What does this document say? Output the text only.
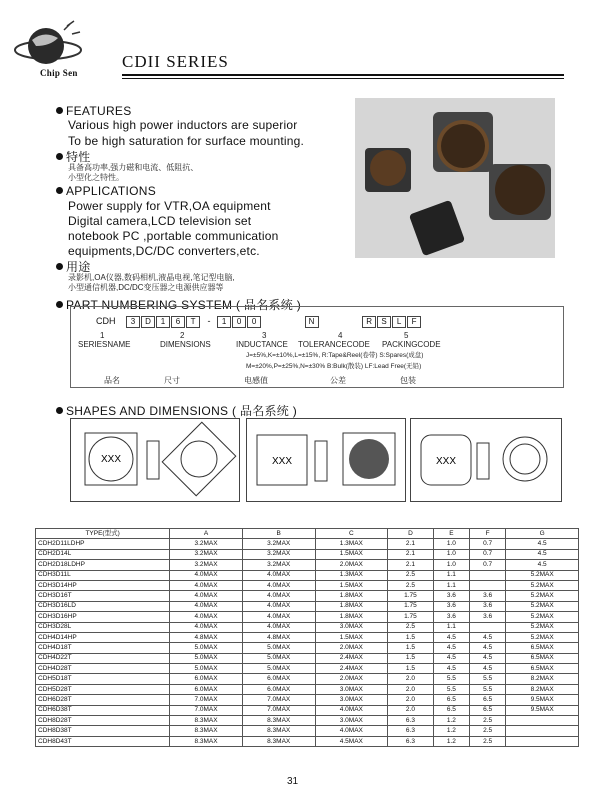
Chip Sen
CDII SERIES
FEATURES
Various high power inductors are superior
To be high saturation for surface mounting.
特性
具备高功率,强力磁和电流、低阻抗、
小型化之特性。
APPLICATIONS
Power supply for VTR,OA equipment
Digital camera,LCD television set
notebook PC ,portable communication
equipments,DC/DC converters,etc.
用途
录影机,OA仪器,数码相机,液晶电视,笔记型电脑,
小型通信机器,DC/DC变压器之电源供应器等
PART NUMBERING SYSTEM ( 品名系统 )
CDH 3 D 1 6 T - 1 0 0	N	R S L F
1	2	3	4	5
SERIESNAME	DIMENSIONS	INDUCTANCE TOLERANCECODE PACKINGCODE
J=±5%,K=±10%,L=±15%, R:Tape&Reel(卷带) S:Spares(成盘)
M=±20%,P=±25%,N=±30% B:Bulk(散装) LF:Lead Free(无铅)
品名	尺寸	电感值	公差	包装
SHAPES AND DIMENSIONS ( 品名系统 )
XXX	XXX	XXX
TYPE(型式)	A	B	C	D	E	F	G
CDH2D11LDHP	3.2MAX	3.2MAX	1.3MAX	2.1	1.0	0.7	4.5
CDH2D14L	3.2MAX	3.2MAX	1.5MAX	2.1	1.0	0.7	4.5
CDH2D18LDHP	3.2MAX	3.2MAX	2.0MAX	2.1	1.0	0.7	4.5
CDH3D11L	4.0MAX	4.0MAX	1.3MAX	2.5	1.1		5.2MAX
CDH3D14HP	4.0MAX	4.0MAX	1.5MAX	2.5	1.1		5.2MAX
CDH3D16T	4.0MAX	4.0MAX	1.8MAX	1.75	3.6	3.6	5.2MAX
CDH3D16LD	4.0MAX	4.0MAX	1.8MAX	1.75	3.6	3.6	5.2MAX
CDH3D16HP	4.0MAX	4.0MAX	1.8MAX	1.75	3.6	3.6	5.2MAX
CDH3D28L	4.0MAX	4.0MAX	3.0MAX	2.5	1.1		5.2MAX
CDH4D14HP	4.8MAX	4.8MAX	1.5MAX	1.5	4.5	4.5	5.2MAX
CDH4D18T	5.0MAX	5.0MAX	2.0MAX	1.5	4.5	4.5	6.5MAX
CDH4D22T	5.0MAX	5.0MAX	2.4MAX	1.5	4.5	4.5	6.5MAX
CDH4D28T	5.0MAX	5.0MAX	2.4MAX	1.5	4.5	4.5	6.5MAX
CDH5D18T	6.0MAX	6.0MAX	2.0MAX	2.0	5.5	5.5	8.2MAX
CDH5D28T	6.0MAX	6.0MAX	3.0MAX	2.0	5.5	5.5	8.2MAX
CDH6D28T	7.0MAX	7.0MAX	3.0MAX	2.0	6.5	6.5	9.5MAX
CDH6D38T	7.0MAX	7.0MAX	4.0MAX	2.0	6.5	6.5	9.5MAX
CDH8D28T	8.3MAX	8.3MAX	3.0MAX	6.3	1.2	2.5	
CDH8D38T	8.3MAX	8.3MAX	4.0MAX	6.3	1.2	2.5	
CDH8D43T	8.3MAX	8.3MAX	4.5MAX	6.3	1.2	2.5	
31
